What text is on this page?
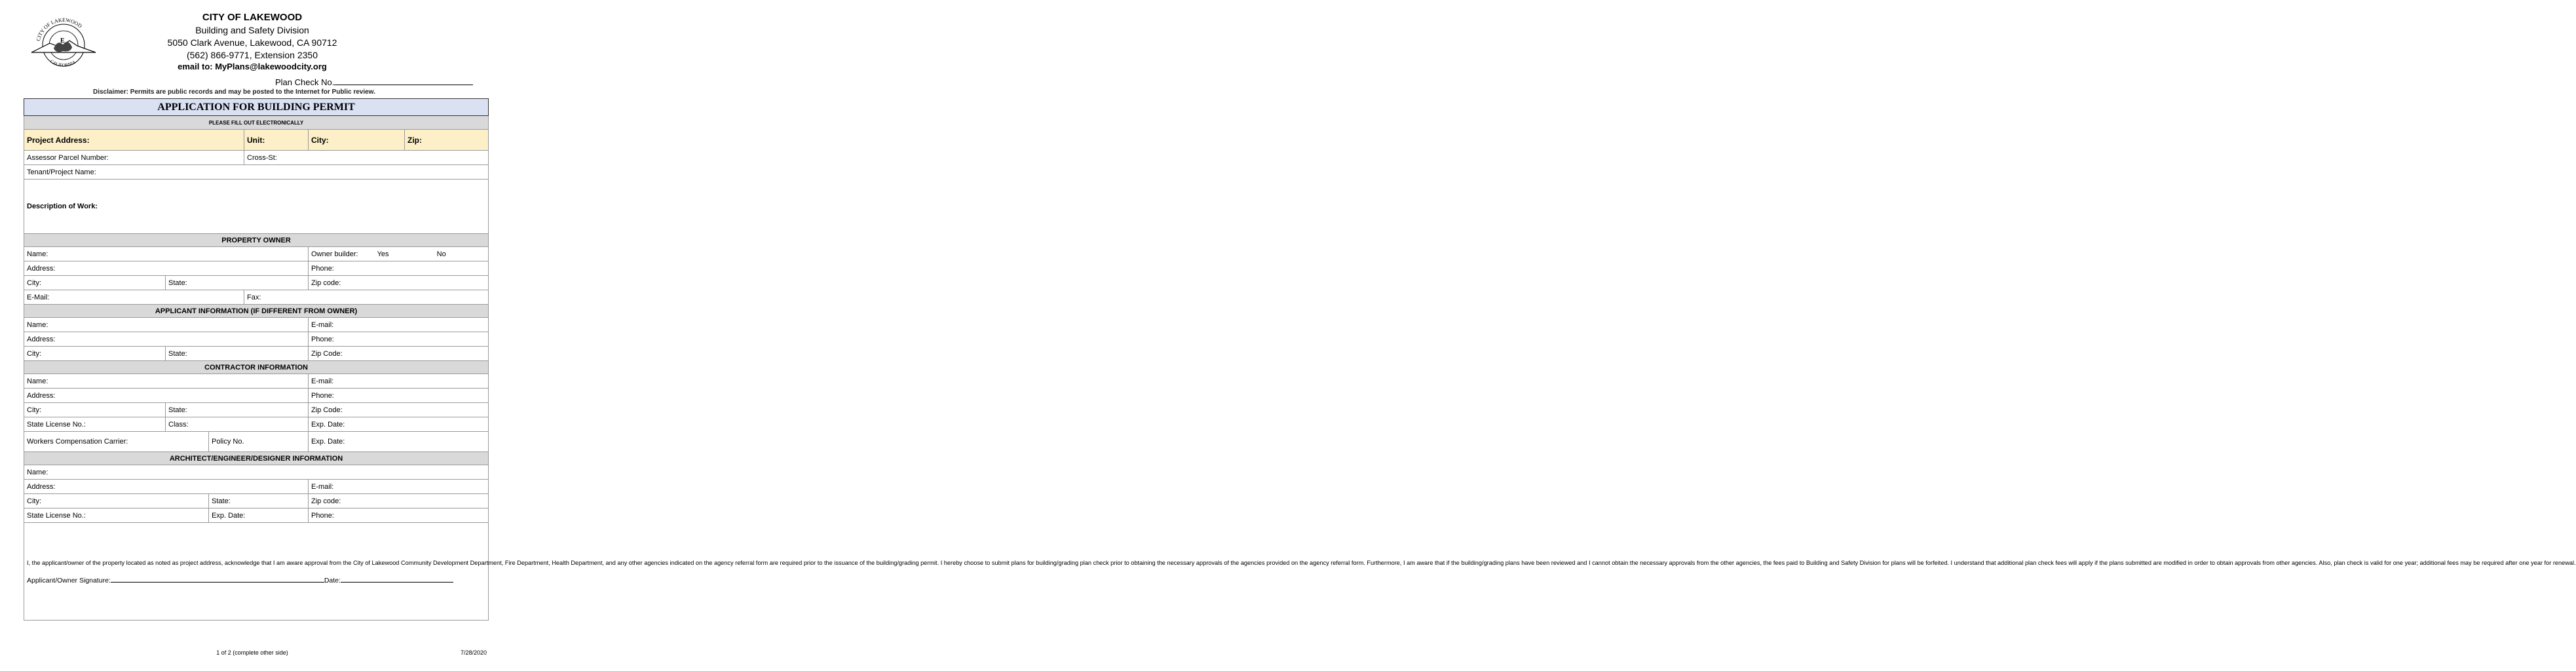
E
CITY OF LAKEWOOD
CALIFORNIA
CITY OF LAKEWOOD
Building and Safety Division
5050 Clark Avenue, Lakewood, CA 90712
(562) 866-9771, Extension 2350
email to: MyPlans@lakewoodcity.org
Plan Check No.
Disclaimer: Permits are public records and may be posted to the Internet for Public review.
APPLICATION FOR BUILDING PERMIT					
PLEASE FILL OUT ELECTRONICALLY					
Project Address:			Unit:	City:	Zip:
Assessor Parcel Number:			Cross-St:		
Tenant/Project Name:					
Description of Work:					
PROPERTY OWNER					
Name:				Owner builder: Yes No	
Address:				Phone:	
City:	State:			Zip code:	
E-Mail:			Fax:		
APPLICANT INFORMATION (IF DIFFERENT FROM OWNER)					
Name:				E-mail:	
Address:				Phone:	
City:	State:			Zip Code:	
CONTRACTOR INFORMATION					
Name:				E-mail:	
Address:				Phone:	
City:	State:			Zip Code:	
State License No.:	Class:			Exp. Date:	
Workers Compensation Carrier:		Policy No.		Exp. Date:	
ARCHITECT/ENGINEER/DESIGNER INFORMATION					
Name:					
Address:				E-mail:	
City:		State:		Zip code:	
State License No.:		Exp. Date:		Phone:	

I, the applicant/owner of the property located as noted as project address, acknowledge that I am aware approval from the City of Lakewood Community Development Department, Fire Department, Health Department, and any other agencies indicated on the agency referral form are required prior to the issuance of the building/grading permit. I hereby choose to submit plans for building/grading plan check prior to obtaining the necessary approvals of the agencies provided on the agency referral form. Furthermore, I am aware that if the building/grading plans have been reviewed and I cannot obtain the necessary approvals from the other agencies, the fees paid to Building and Safety Division for plans will be forfeited. I understand that additional plan check fees will apply if the plans submitted are modified in order to obtain approvals from other agencies. Also, plan check is valid for one year; additional fees may be required after one year for renewal.
Applicant/Owner Signature: Date:					
1 of 2 (complete other side)	7/28/2020
